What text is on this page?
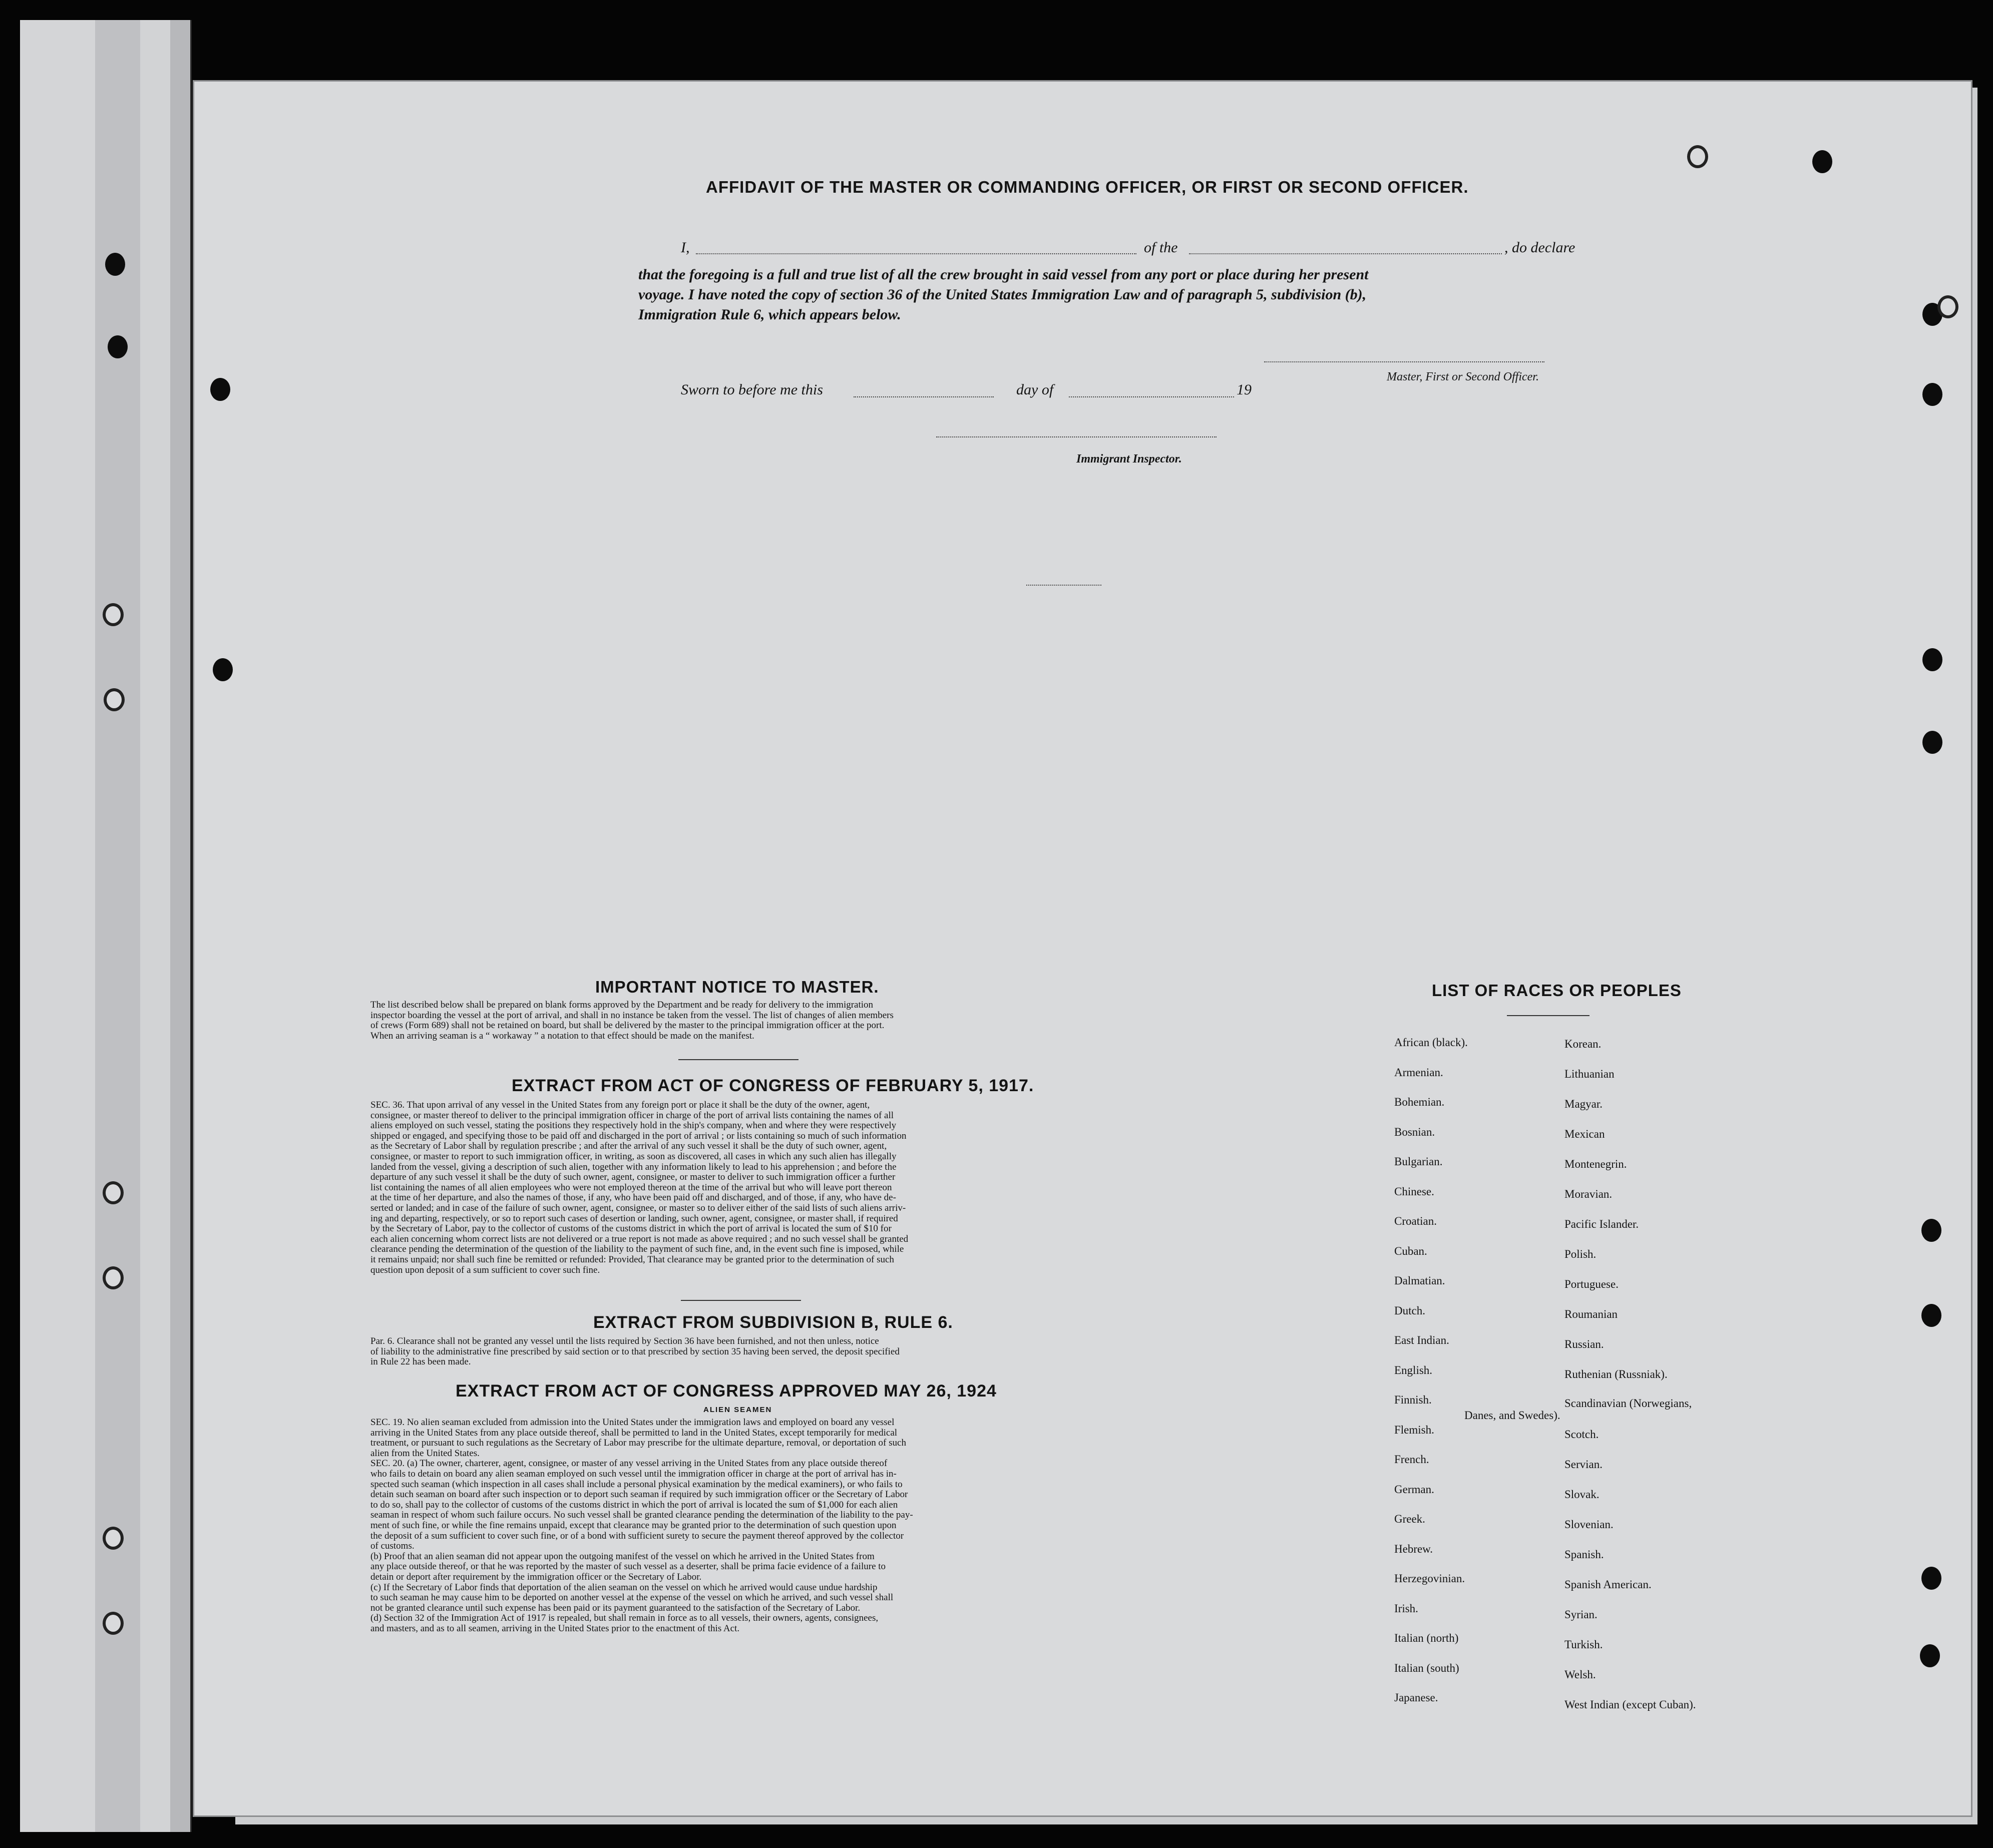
AFFIDAVIT OF THE MASTER OR COMMANDING OFFICER, OR FIRST OR SECOND OFFICER.
I,	of the	, do declare
that the foregoing is a full and true list of all the crew brought in said vessel from any port or place during her present
voyage. I have noted the copy of section 36 of the United States Immigration Law and of paragraph 5, subdivision (b),
Immigration Rule 6, which appears below.
Master, First or Second Officer.
Sworn to before me this	day of	19
Immigrant Inspector.
IMPORTANT NOTICE TO MASTER.
The list described below shall be prepared on blank forms approved by the Department and be ready for delivery to the immigration
inspector boarding the vessel at the port of arrival, and shall in no instance be taken from the vessel. The list of changes of alien members
of crews (Form 689) shall not be retained on board, but shall be delivered by the master to the principal immigration officer at the port.
When an arriving seaman is a “ workaway ” a notation to that effect should be made on the manifest.
EXTRACT FROM ACT OF CONGRESS OF FEBRUARY 5, 1917.
SEC. 36. That upon arrival of any vessel in the United States from any foreign port or place it shall be the duty of the owner, agent,
consignee, or master thereof to deliver to the principal immigration officer in charge of the port of arrival lists containing the names of all
aliens employed on such vessel, stating the positions they respectively hold in the ship's company, when and where they were respectively
shipped or engaged, and specifying those to be paid off and discharged in the port of arrival ; or lists containing so much of such information
as the Secretary of Labor shall by regulation prescribe ; and after the arrival of any such vessel it shall be the duty of such owner, agent,
consignee, or master to report to such immigration officer, in writing, as soon as discovered, all cases in which any such alien has illegally
landed from the vessel, giving a description of such alien, together with any information likely to lead to his apprehension ; and before the
departure of any such vessel it shall be the duty of such owner, agent, consignee, or master to deliver to such immigration officer a further
list containing the names of all alien employees who were not employed thereon at the time of the arrival but who will leave port thereon
at the time of her departure, and also the names of those, if any, who have been paid off and discharged, and of those, if any, who have de-
serted or landed; and in case of the failure of such owner, agent, consignee, or master so to deliver either of the said lists of such aliens arriv-
ing and departing, respectively, or so to report such cases of desertion or landing, such owner, agent, consignee, or master shall, if required
by the Secretary of Labor, pay to the collector of customs of the customs district in which the port of arrival is located the sum of $10 for
each alien concerning whom correct lists are not delivered or a true report is not made as above required ; and no such vessel shall be granted
clearance pending the determination of the question of the liability to the payment of such fine, and, in the event such fine is imposed, while
it remains unpaid; nor shall such fine be remitted or refunded: Provided, That clearance may be granted prior to the determination of such
question upon deposit of a sum sufficient to cover such fine.
EXTRACT FROM SUBDIVISION B, RULE 6.
Par. 6. Clearance shall not be granted any vessel until the lists required by Section 36 have been furnished, and not then unless, notice
of liability to the administrative fine prescribed by said section or to that prescribed by section 35 having been served, the deposit specified
in Rule 22 has been made.
EXTRACT FROM ACT OF CONGRESS APPROVED MAY 26, 1924
ALIEN SEAMEN
SEC. 19. No alien seaman excluded from admission into the United States under the immigration laws and employed on board any vessel
arriving in the United States from any place outside thereof, shall be permitted to land in the United States, except temporarily for medical
treatment, or pursuant to such regulations as the Secretary of Labor may prescribe for the ultimate departure, removal, or deportation of such
alien from the United States.
SEC. 20. (a) The owner, charterer, agent, consignee, or master of any vessel arriving in the United States from any place outside thereof
who fails to detain on board any alien seaman employed on such vessel until the immigration officer in charge at the port of arrival has in-
spected such seaman (which inspection in all cases shall include a personal physical examination by the medical examiners), or who fails to
detain such seaman on board after such inspection or to deport such seaman if required by such immigration officer or the Secretary of Labor
to do so, shall pay to the collector of customs of the customs district in which the port of arrival is located the sum of $1,000 for each alien
seaman in respect of whom such failure occurs. No such vessel shall be granted clearance pending the determination of the liability to the pay-
ment of such fine, or while the fine remains unpaid, except that clearance may be granted prior to the determination of such question upon
the deposit of a sum sufficient to cover such fine, or of a bond with sufficient surety to secure the payment thereof approved by the collector
of customs.
(b) Proof that an alien seaman did not appear upon the outgoing manifest of the vessel on which he arrived in the United States from
any place outside thereof, or that he was reported by the master of such vessel as a deserter, shall be prima facie evidence of a failure to
detain or deport after requirement by the immigration officer or the Secretary of Labor.
(c) If the Secretary of Labor finds that deportation of the alien seaman on the vessel on which he arrived would cause undue hardship
to such seaman he may cause him to be deported on another vessel at the expense of the vessel on which he arrived, and such vessel shall
not be granted clearance until such expense has been paid or its payment guaranteed to the satisfaction of the Secretary of Labor.
(d) Section 32 of the Immigration Act of 1917 is repealed, but shall remain in force as to all vessels, their owners, agents, consignees,
and masters, and as to all seamen, arriving in the United States prior to the enactment of this Act.
LIST OF RACES OR PEOPLES
African (black).
Armenian.
Bohemian.
Bosnian.
Bulgarian.
Chinese.
Croatian.
Cuban.
Dalmatian.
Dutch.
East Indian.
English.
Finnish.
Flemish.
French.
German.
Greek.
Hebrew.
Herzegovinian.
Irish.
Italian (north)
Italian (south)
Japanese.
Korean.
Lithuanian
Magyar.
Mexican
Montenegrin.
Moravian.
Pacific Islander.
Polish.
Portuguese.
Roumanian
Russian.
Ruthenian (Russniak).
Scandinavian (Norwegians,
Danes, and Swedes).
Scotch.
Servian.
Slovak.
Slovenian.
Spanish.
Spanish American.
Syrian.
Turkish.
Welsh.
West Indian (except Cuban).
